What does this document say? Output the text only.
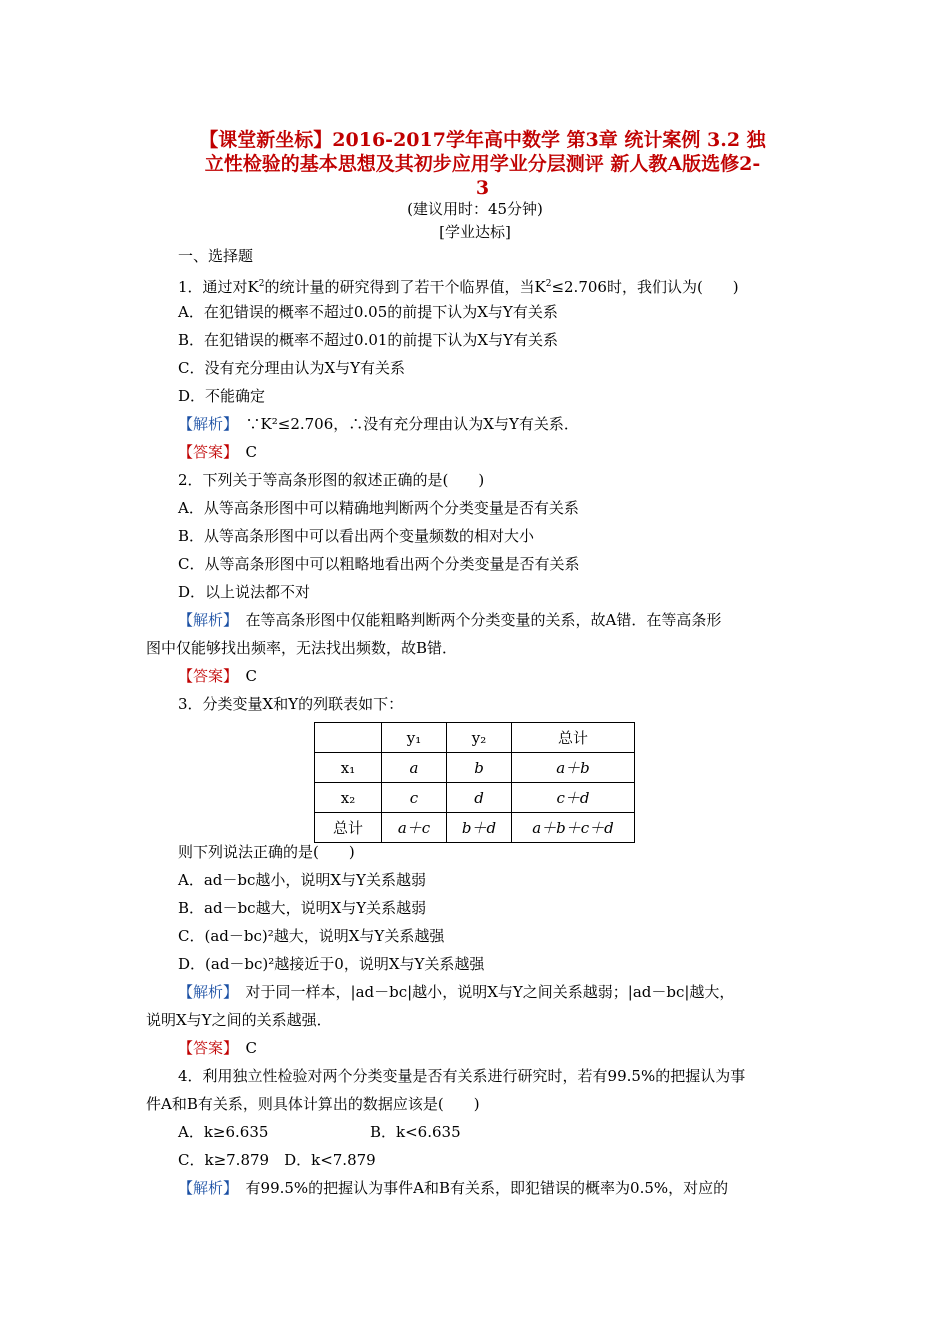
【课堂新坐标】2016-2017学年高中数学 第3章 统计案例 3.2 独
立性检验的基本思想及其初步应用学业分层测评 新人教A版选修2-
3
(建议用时：45分钟)
[学业达标]
一、选择题
1．通过对$K^2$的统计量的研究得到了若干个临界值，当$K^2\le 2.706$时，我们认为(　　)
A．在犯错误的概率不超过0.05的前提下认为X与Y有关系
B．在犯错误的概率不超过0.01的前提下认为X与Y有关系
C．没有充分理由认为X与Y有关系
D．不能确定
【解析】　 ∵K²≤2.706，∴没有充分理由认为X与Y有关系．
【答案】　 C
2．下列关于等高条形图的叙述正确的是(　　)
A．从等高条形图中可以精确地判断两个分类变量是否有关系
B．从等高条形图中可以看出两个变量频数的相对大小
C．从等高条形图中可以粗略地看出两个分类变量是否有关系
D．以上说法都不对
【解析】　 在等高条形图中仅能粗略判断两个分类变量的关系，故A错．在等高条形
图中仅能够找出频率，无法找出频数，故B错．
【答案】　 C
3．分类变量X和Y的列联表如下：
	y₁	y₂	总计
x₁	a	b	a＋b
x₂	c	d	c＋d
总计	a＋c	b＋d	a＋b＋c＋d
则下列说法正确的是(　　)
A．ad－bc越小，说明X与Y关系越弱
B．ad－bc越大，说明X与Y关系越弱
C．(ad－bc)²越大，说明X与Y关系越强
D．(ad－bc)²越接近于0，说明X与Y关系越强
【解析】　 对于同一样本，|ad－bc|越小，说明X与Y之间关系越弱；|ad－bc|越大，
说明X与Y之间的关系越强．
【答案】　 C
4．利用独立性检验对两个分类变量是否有关系进行研究时，若有99.5%的把握认为事
件A和B有关系，则具体计算出的数据应该是(　　)
A．k≥6.635	B．k<6.635
C．k≥7.879　D．k<7.879
【解析】　 有99.5%的把握认为事件A和B有关系，即犯错误的概率为0.5%，对应的
